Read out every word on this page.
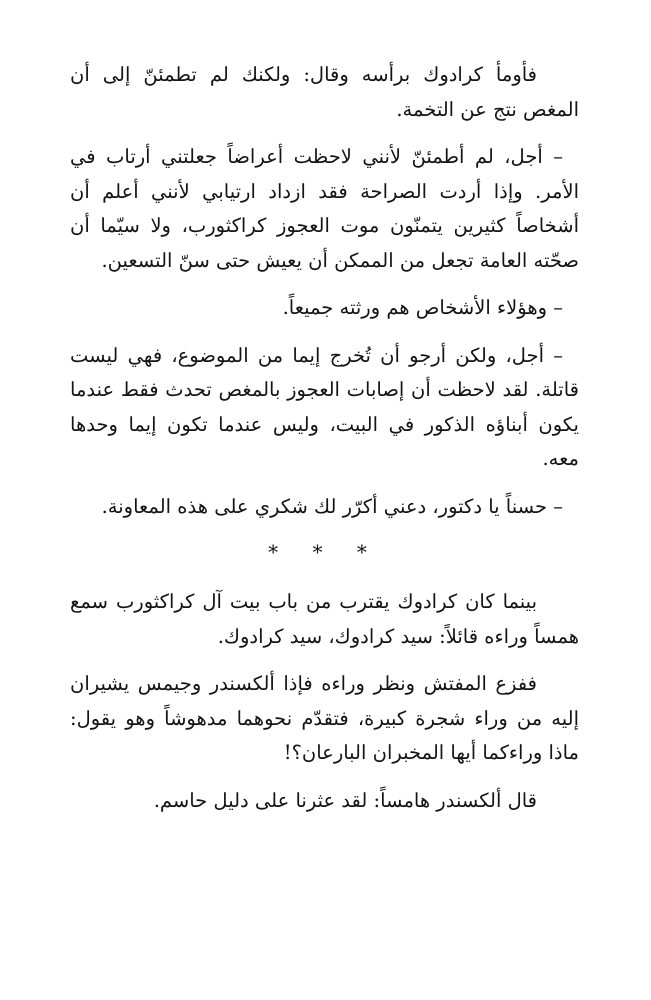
فأومأ كرادوك برأسه وقال: ولكنك لم تطمئنّ إلى أن المغص نتج عن التخمة.

– أجل، لم أطمئنّ لأنني لاحظت أعراضاً جعلتني أرتاب في الأمر. وإذا أردت الصراحة فقد ازداد ارتيابي لأنني أعلم أن أشخاصاً كثيرين يتمنّون موت العجوز كراكثورب، ولا سيّما أن صحّته العامة تجعل من الممكن أن يعيش حتى سنّ التسعين.

– وهؤلاء الأشخاص هم ورثته جميعاً.

– أجل، ولكن أرجو أن تُخرج إيما من الموضوع، فهي ليست قاتلة. لقد لاحظت أن إصابات العجوز بالمغص تحدث فقط عندما يكون أبناؤه الذكور في البيت، وليس عندما تكون إيما وحدها معه.

– حسناً يا دكتور، دعني أكرّر لك شكري على هذه المعاونة.

* * *

بينما كان كرادوك يقترب من باب بيت آل كراكثورب سمع همساً وراءه قائلاً: سيد كرادوك، سيد كرادوك.

ففزع المفتش ونظر وراءه فإذا ألكسندر وجيمس يشيران إليه من وراء شجرة كبيرة، فتقدّم نحوهما مدهوشاً وهو يقول: ماذا وراءكما أيها المخبران البارعان؟!

قال ألكسندر هامساً: لقد عثرنا على دليل حاسم.
